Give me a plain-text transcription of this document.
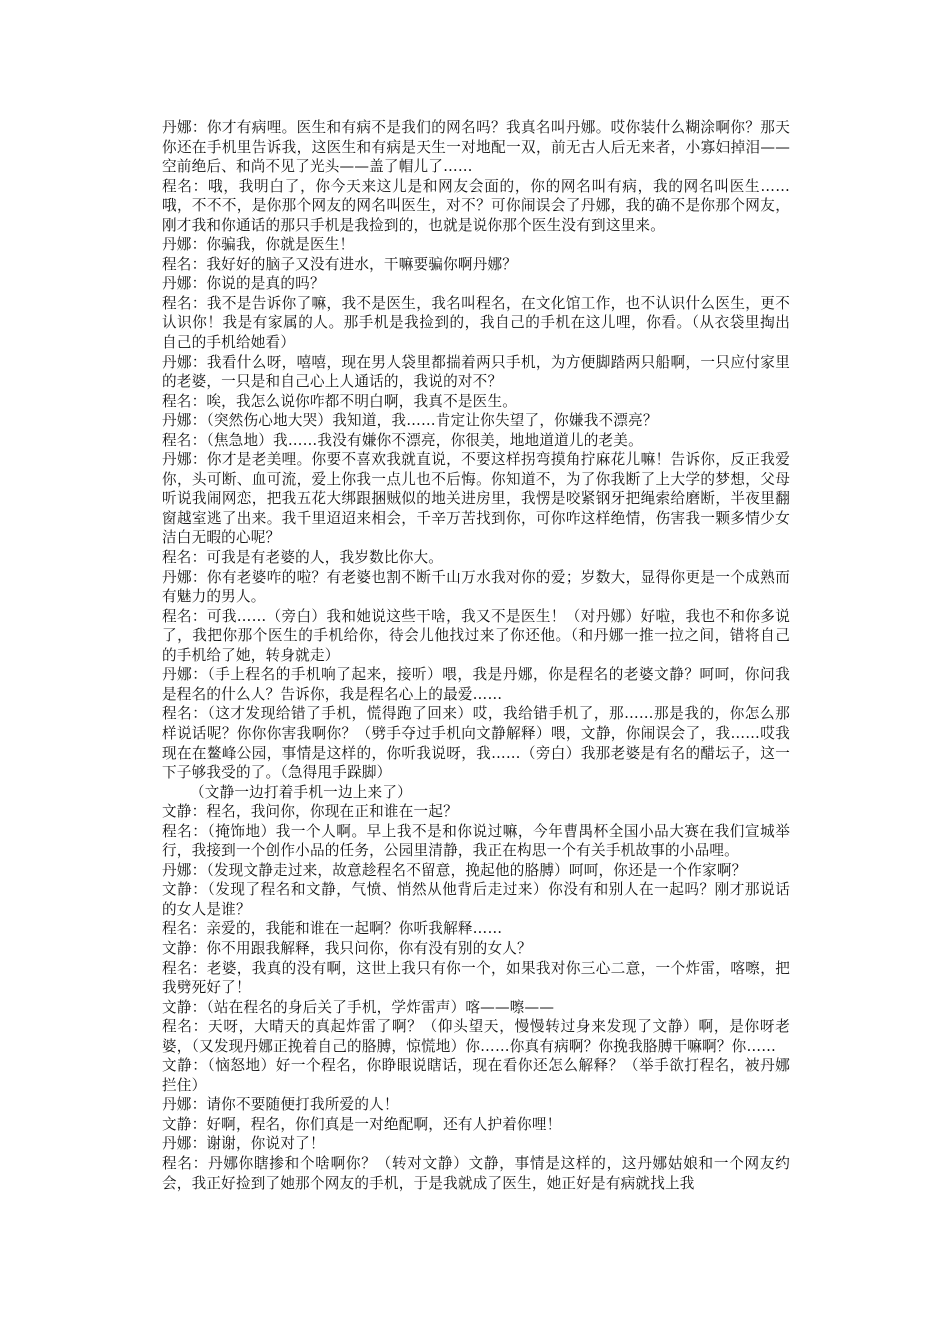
丹娜：你才有病哩。医生和有病不是我们的网名吗？我真名叫丹娜。哎你装什么糊涂啊你？那天你还在手机里告诉我，这医生和有病是天生一对地配一双，前无古人后无来者，小寡妇掉泪——空前绝后、和尚不见了光头——盖了帽儿了……

程名：哦，我明白了，你今天来这儿是和网友会面的，你的网名叫有病，我的网名叫医生……哦，不不不，是你那个网友的网名叫医生，对不？可你闹误会了丹娜，我的确不是你那个网友，刚才我和你通话的那只手机是我捡到的，也就是说你那个医生没有到这里来。

丹娜：你骗我，你就是医生！

程名：我好好的脑子又没有进水，干嘛要骗你啊丹娜？

丹娜：你说的是真的吗？

程名：我不是告诉你了嘛，我不是医生，我名叫程名，在文化馆工作，也不认识什么医生，更不认识你！我是有家属的人。那手机是我捡到的，我自己的手机在这儿哩，你看。（从衣袋里掏出自己的手机给她看）

丹娜：我看什么呀，嘻嘻，现在男人袋里都揣着两只手机，为方便脚踏两只船啊，一只应付家里的老婆，一只是和自己心上人通话的，我说的对不？

程名：唉，我怎么说你咋都不明白啊，我真不是医生。

丹娜：（突然伤心地大哭）我知道，我……肯定让你失望了，你嫌我不漂亮？

程名：（焦急地）我……我没有嫌你不漂亮，你很美，地地道道儿的老美。

丹娜：你才是老美哩。你要不喜欢我就直说，不要这样拐弯摸角拧麻花儿嘛！告诉你，反正我爱你，头可断、血可流，爱上你我一点儿也不后悔。你知道不，为了你我断了上大学的梦想，父母听说我闹网恋，把我五花大绑跟捆贼似的地关进房里，我愣是咬紧钢牙把绳索给磨断，半夜里翻窗越室逃了出来。我千里迢迢来相会，千辛万苦找到你，可你咋这样绝情，伤害我一颗多情少女洁白无暇的心呢？

程名：可我是有老婆的人，我岁数比你大。

丹娜：你有老婆咋的啦？有老婆也割不断千山万水我对你的爱；岁数大，显得你更是一个成熟而有魅力的男人。

程名：可我……（旁白）我和她说这些干啥，我又不是医生！（对丹娜）好啦，我也不和你多说了，我把你那个医生的手机给你，待会儿他找过来了你还他。（和丹娜一推一拉之间，错将自己的手机给了她，转身就走）

丹娜：（手上程名的手机响了起来，接听）喂，我是丹娜，你是程名的老婆文静？呵呵，你问我是程名的什么人？告诉你，我是程名心上的最爱……

程名：（这才发现给错了手机，慌得跑了回来）哎，我给错手机了，那……那是我的，你怎么那样说话呢？你你你害我啊你？（劈手夺过手机向文静解释）喂，文静，你闹误会了，我……哎我现在在鳌峰公园，事情是这样的，你听我说呀，我……（旁白）我那老婆是有名的醋坛子，这一下子够我受的了。（急得甩手跺脚）

（文静一边打着手机一边上来了）

文静：程名，我问你，你现在正和谁在一起？

程名：（掩饰地）我一个人啊。早上我不是和你说过嘛，今年曹禺杯全国小品大赛在我们宣城举行，我接到一个创作小品的任务，公园里清静，我正在构思一个有关手机故事的小品哩。

丹娜：（发现文静走过来，故意趁程名不留意，挽起他的胳膊）呵呵，你还是一个作家啊？

文静：（发现了程名和文静，气愤、悄然从他背后走过来）你没有和别人在一起吗？刚才那说话的女人是谁？

程名：亲爱的，我能和谁在一起啊？你听我解释……

文静：你不用跟我解释，我只问你，你有没有别的女人？

程名：老婆，我真的没有啊，这世上我只有你一个，如果我对你三心二意，一个炸雷，喀嚓，把我劈死好了！

文静：（站在程名的身后关了手机，学炸雷声）喀——嚓——

程名：天呀，大晴天的真起炸雷了啊？（仰头望天，慢慢转过身来发现了文静）啊，是你呀老婆，（又发现丹娜正挽着自己的胳膊，惊慌地）你……你真有病啊？你挽我胳膊干嘛啊？你……

文静：（恼怒地）好一个程名，你睁眼说瞎话，现在看你还怎么解释？（举手欲打程名，被丹娜拦住）

丹娜：请你不要随便打我所爱的人！

文静：好啊，程名，你们真是一对绝配啊，还有人护着你哩！

丹娜：谢谢，你说对了！

程名：丹娜你瞎掺和个啥啊你？（转对文静）文静，事情是这样的，这丹娜姑娘和一个网友约会，我正好捡到了她那个网友的手机，于是我就成了医生，她正好是有病就找上我
